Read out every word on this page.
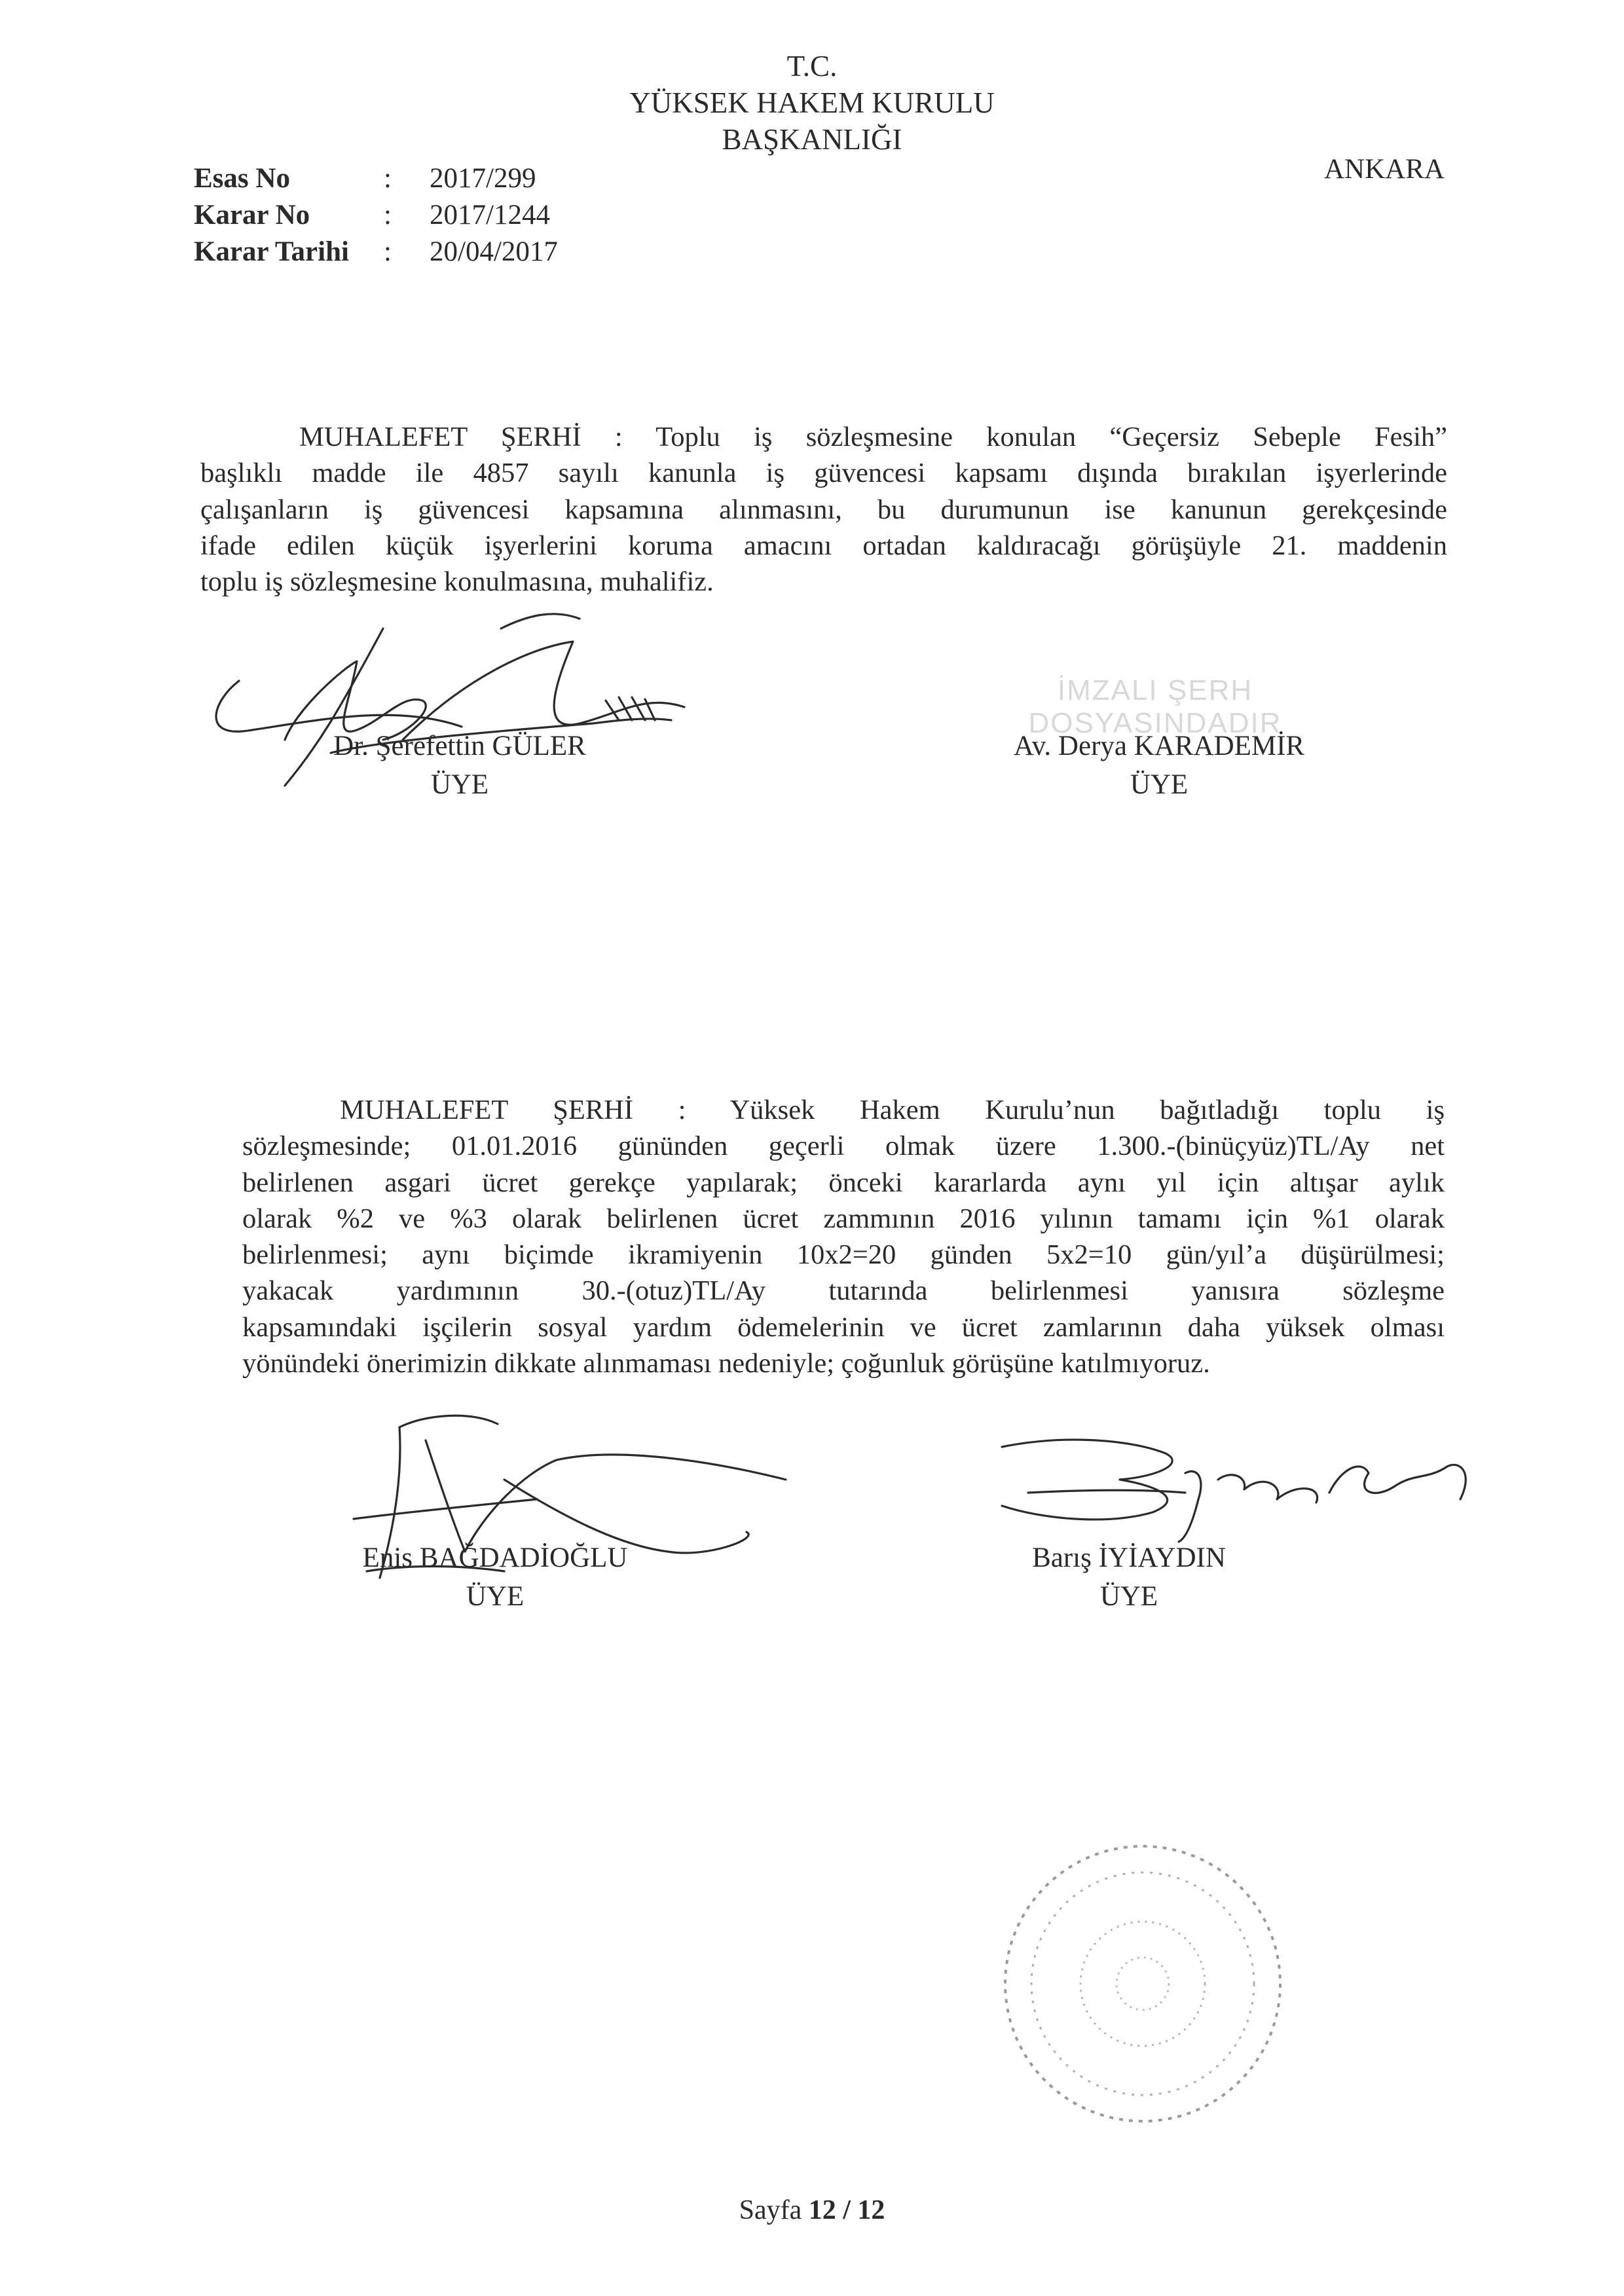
T.C.
YÜKSEK HAKEM KURULU
BAŞKANLIĞI
ANKARA
Esas No	: 2017/299
Karar No	: 2017/1244
Karar Tarihi : 20/04/2017
MUHALEFET ŞERHİ : Toplu iş sözleşmesine konulan “Geçersiz Sebeple Fesih”
başlıklı madde ile 4857 sayılı kanunla iş güvencesi kapsamı dışında bırakılan işyerlerinde
çalışanların iş güvencesi kapsamına alınmasını, bu durumunun ise kanunun gerekçesinde
ifade edilen küçük işyerlerini koruma amacını ortadan kaldıracağı görüşüyle 21. maddenin
toplu iş sözleşmesine konulmasına, muhalifiz.
Dr. Şerefettin GÜLER
ÜYE
İMZALI ŞERH DOSYASINDADIR
Av. Derya KARADEMİR
ÜYE
MUHALEFET ŞERHİ : Yüksek Hakem Kurulu’nun bağıtladığı toplu iş
sözleşmesinde; 01.01.2016 gününden geçerli olmak üzere 1.300.-(binüçyüz)TL/Ay net
belirlenen asgari ücret gerekçe yapılarak; önceki kararlarda aynı yıl için altışar aylık
olarak %2 ve %3 olarak belirlenen ücret zammının 2016 yılının tamamı için %1 olarak
belirlenmesi; aynı biçimde ikramiyenin 10x2=20 günden 5x2=10 gün/yıl’a düşürülmesi;
yakacak yardımının 30.-(otuz)TL/Ay tutarında belirlenmesi yanısıra sözleşme
kapsamındaki işçilerin sosyal yardım ödemelerinin ve ücret zamlarının daha yüksek olması
yönündeki önerimizin dikkate alınmaması nedeniyle; çoğunluk görüşüne katılmıyoruz.
Enis BAĞDADİOĞLU
ÜYE
Barış İYİAYDIN
ÜYE
Sayfa 12 / 12
